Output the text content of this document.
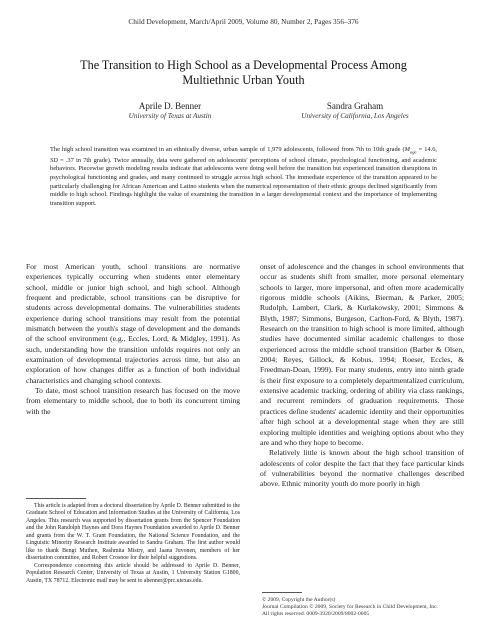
Child Development, March/April 2009, Volume 80, Number 2, Pages 356–376
The Transition to High School as a Developmental Process Among
Multiethnic Urban Youth
Aprile D. Benner
University of Texas at Austin
Sandra Graham
University of California, Los Angeles
The high school transition was examined in an ethnically diverse, urban sample of 1,979 adolescents, followed from 7th to 10th grade ($M_{age} = 14.6$, SD = .37 in 7th grade). Twice annually, data were gathered on adolescents' perceptions of school climate, psychological functioning, and academic behaviors. Piecewise growth modeling results indicate that adolescents were doing well before the transition but experienced transition disruptions in psychological functioning and grades, and many continued to struggle across high school. The immediate experience of the transition appeared to be particularly challenging for African American and Latino students when the numerical representation of their ethnic groups declined significantly from middle to high school. Findings highlight the value of examining the transition in a larger developmental context and the importance of implementing transition support.

For most American youth, school transitions are normative experiences typically occurring when students enter elementary school, middle or junior high school, and high school. Although frequent and predictable, school transitions can be disruptive for students across developmental domains. The vulnerabilities students experience during school transitions may result from the potential mismatch between the youth's stage of development and the demands of the school environment (e.g., Eccles, Lord, & Midgley, 1991). As such, understanding how the transition unfolds requires not only an examination of developmental trajectories across time, but also an exploration of how changes differ as a function of both individual characteristics and changing school contexts.

To date, most school transition research has focused on the move from elementary to middle school, due to both its concurrent timing with the

This article is adapted from a doctoral dissertation by Aprile D. Benner submitted to the Graduate School of Education and Information Studies at the University of California, Los Angeles. This research was supported by dissertation grants from the Spencer Foundation and the John Randolph Haynes and Dora Haynes Foundation awarded to Aprile D. Benner and grants from the W. T. Grant Foundation, the National Science Foundation, and the Linguistic Minority Research Institute awarded to Sandra Graham. The first author would like to thank Bengt Muthen, Rashmita Mistry, and Jaana Juvonen, members of her dissertation committee, and Robert Crosnoe for their helpful suggestions.

Correspondence concerning this article should be addressed to Aprile D. Benner, Population Research Center, University of Texas at Austin, 1 University Station G1800, Austin, TX 78712. Electronic mail may be sent to abenner@prc.utexas.edu.

onset of adolescence and the changes in school environments that occur as students shift from smaller, more personal elementary schools to larger, more impersonal, and often more academically rigorous middle schools (Aikins, Bierman, & Parker, 2005; Rudolph, Lambert, Clark, & Kurlakowsky, 2001; Simmons & Blyth, 1987; Simmons, Burgeson, Carlton-Ford, & Blyth, 1987). Research on the transition to high school is more limited, although studies have documented similar academic challenges to those experienced across the middle school transition (Barber & Olsen, 2004; Reyes, Gillock, & Kobus, 1994; Roeser, Eccles, & Freedman-Doan, 1999). For many students, entry into ninth grade is their first exposure to a completely departmentalized curriculum, extensive academic tracking, ordering of ability via class rankings, and recurrent reminders of graduation requirements. Those practices define students' academic identity and their opportunities after high school at a developmental stage when they are still exploring multiple identities and weighing options about who they are and who they hope to become.

Relatively little is known about the high school transition of adolescents of color despite the fact that they face particular kinds of vulnerabilities beyond the normative challenges described above. Ethnic minority youth do more poorly in high

© 2009, Copyright the Author(s)
Journal Compilation © 2009, Society for Research in Child Development, Inc.
All rights reserved. 0009-3920/2009/8002-0005
